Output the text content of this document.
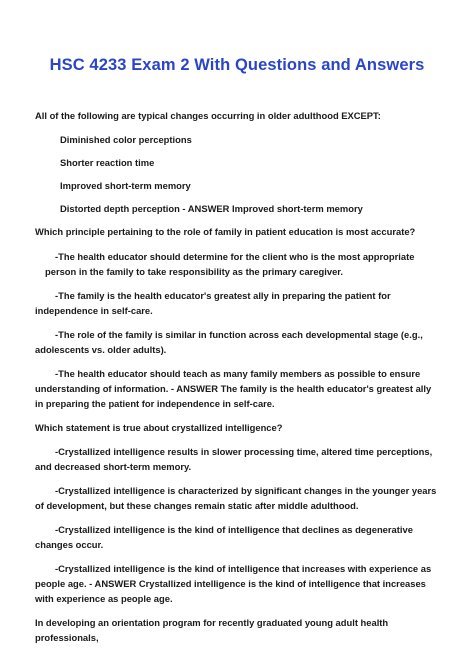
HSC 4233 Exam 2 With Questions and Answers
All of the following are typical changes occurring in older adulthood EXCEPT:
Diminished color perceptions
Shorter reaction time
Improved short-term memory
Distorted depth perception - ANSWER Improved short-term memory
Which principle pertaining to the role of family in patient education is most accurate?
-The health educator should determine for the client who is the most appropriate person in the family to take responsibility as the primary caregiver.
-The family is the health educator's greatest ally in preparing the patient for independence in self-care.
-The role of the family is similar in function across each developmental stage (e.g., adolescents vs. older adults).
-The health educator should teach as many family members as possible to ensure understanding of information. - ANSWER The family is the health educator's greatest ally in preparing the patient for independence in self-care.
Which statement is true about crystallized intelligence?
-Crystallized intelligence results in slower processing time, altered time perceptions, and decreased short-term memory.
-Crystallized intelligence is characterized by significant changes in the younger years of development, but these changes remain static after middle adulthood.
-Crystallized intelligence is the kind of intelligence that declines as degenerative changes occur.
-Crystallized intelligence is the kind of intelligence that increases with experience as people age. - ANSWER Crystallized intelligence is the kind of intelligence that increases with experience as people age.
In developing an orientation program for recently graduated young adult health professionals,
